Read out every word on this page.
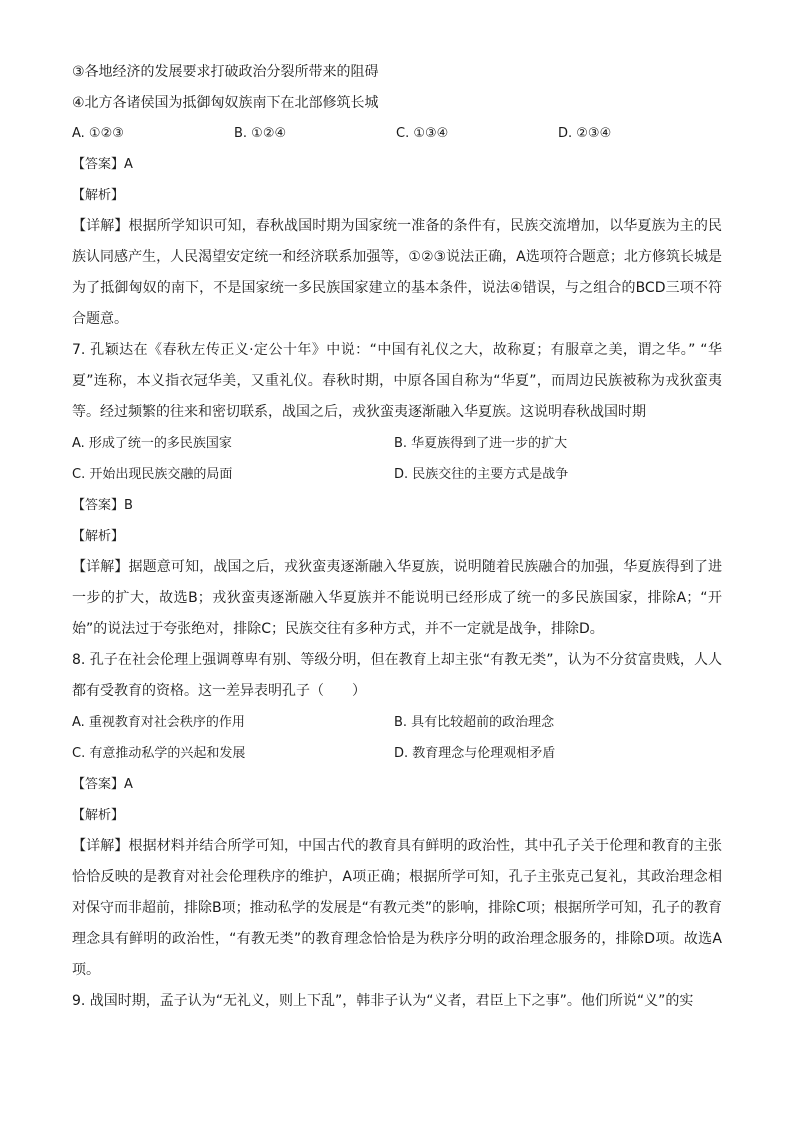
③各地经济的发展要求打破政治分裂所带来的阻碍
④北方各诸侯国为抵御匈奴族南下在北部修筑长城
A. ①②③	B. ①②④	C. ①③④	D. ②③④
【答案】A
【解析】
【详解】根据所学知识可知，春秋战国时期为国家统一准备的条件有，民族交流增加，以华夏族为主的民族认同感产生，人民渴望安定统一和经济联系加强等，①②③说法正确，A选项符合题意；北方修筑长城是为了抵御匈奴的南下，不是国家统一多民族国家建立的基本条件，说法④错误，与之组合的BCD三项不符合题意。
7. 孔颖达在《春秋左传正义·定公十年》中说：“中国有礼仪之大，故称夏；有服章之美，谓之华。” “华夏”连称，本义指衣冠华美，又重礼仪。春秋时期，中原各国自称为“华夏”，而周边民族被称为戎狄蛮夷等。经过频繁的往来和密切联系，战国之后，戎狄蛮夷逐渐融入华夏族。这说明春秋战国时期
A. 形成了统一的多民族国家	B. 华夏族得到了进一步的扩大
C. 开始出现民族交融的局面	D. 民族交往的主要方式是战争
【答案】B
【解析】
【详解】据题意可知，战国之后，戎狄蛮夷逐渐融入华夏族，说明随着民族融合的加强，华夏族得到了进一步的扩大，故选B；戎狄蛮夷逐渐融入华夏族并不能说明已经形成了统一的多民族国家，排除A；“开始”的说法过于夸张绝对，排除C；民族交往有多种方式，并不一定就是战争，排除D。
8. 孔子在社会伦理上强调尊卑有别、等级分明，但在教育上却主张“有教无类”，认为不分贫富贵贱，人人都有受教育的资格。这一差异表明孔子（　　）
A. 重视教育对社会秩序的作用	B. 具有比较超前的政治理念
C. 有意推动私学的兴起和发展	D. 教育理念与伦理观相矛盾
【答案】A
【解析】
【详解】根据材料并结合所学可知，中国古代的教育具有鲜明的政治性，其中孔子关于伦理和教育的主张恰恰反映的是教育对社会伦理秩序的维护，A项正确；根据所学可知，孔子主张克己复礼，其政治理念相对保守而非超前，排除B项；推动私学的发展是“有教元类”的影响，排除C项；根据所学可知，孔子的教育理念具有鲜明的政治性，“有教无类”的教育理念恰恰是为秩序分明的政治理念服务的，排除D项。故选A项。
9. 战国时期，孟子认为“无礼义，则上下乱”，韩非子认为“义者，君臣上下之事”。他们所说“义”的实
